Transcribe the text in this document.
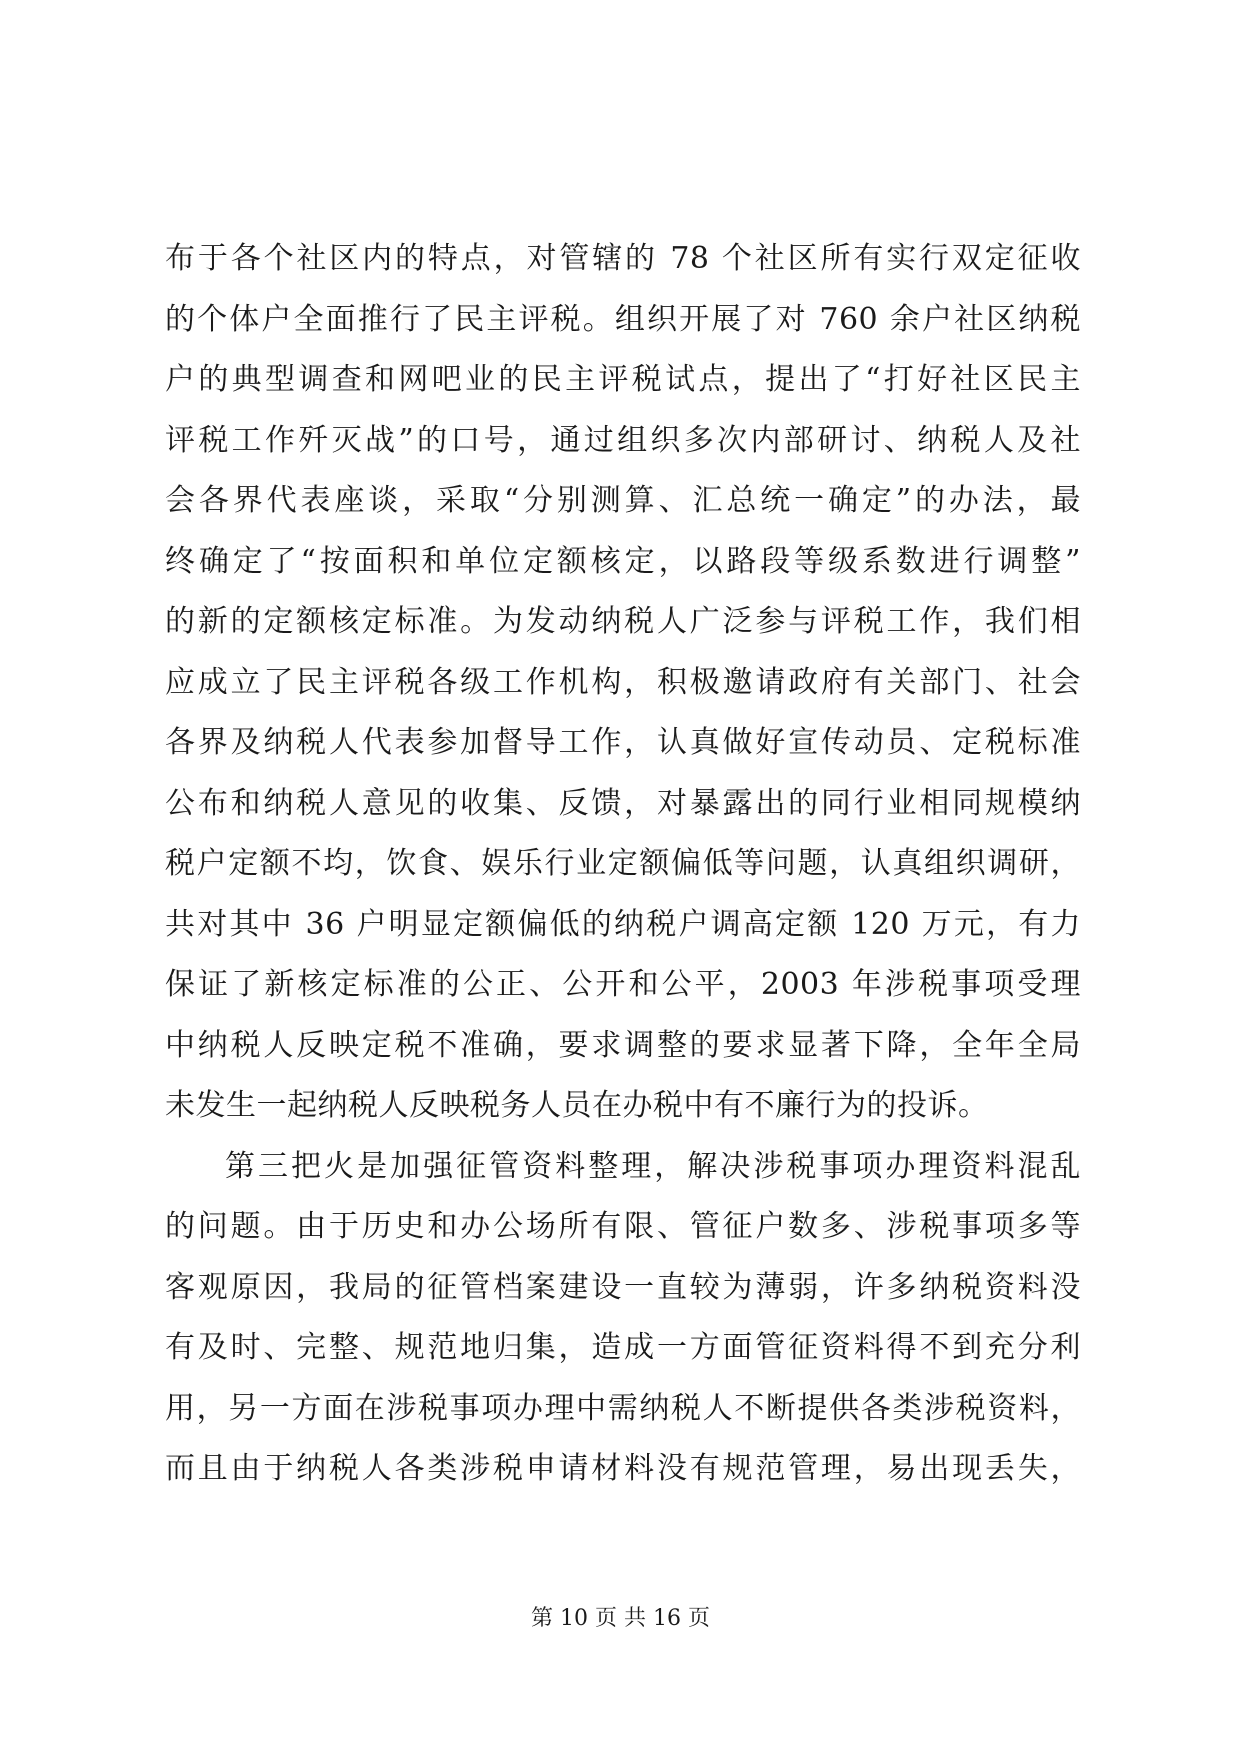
布于各个社区内的特点，对管辖的 78 个社区所有实行双定征收
的个体户全面推行了民主评税。组织开展了对 760 余户社区纳税
户的典型调查和网吧业的民主评税试点，提出了“打好社区民主
评税工作歼灭战”的口号，通过组织多次内部研讨、纳税人及社
会各界代表座谈，采取“分别测算、汇总统一确定”的办法，最
终确定了“按面积和单位定额核定，以路段等级系数进行调整”
的新的定额核定标准。为发动纳税人广泛参与评税工作，我们相
应成立了民主评税各级工作机构，积极邀请政府有关部门、社会
各界及纳税人代表参加督导工作，认真做好宣传动员、定税标准
公布和纳税人意见的收集、反馈，对暴露出的同行业相同规模纳
税户定额不均，饮食、娱乐行业定额偏低等问题，认真组织调研，
共对其中 36 户明显定额偏低的纳税户调高定额 120 万元，有力
保证了新核定标准的公正、公开和公平，2003 年涉税事项受理
中纳税人反映定税不准确，要求调整的要求显著下降，全年全局
未发生一起纳税人反映税务人员在办税中有不廉行为的投诉。
第三把火是加强征管资料整理，解决涉税事项办理资料混乱
的问题。由于历史和办公场所有限、管征户数多、涉税事项多等
客观原因，我局的征管档案建设一直较为薄弱，许多纳税资料没
有及时、完整、规范地归集，造成一方面管征资料得不到充分利
用，另一方面在涉税事项办理中需纳税人不断提供各类涉税资料，
而且由于纳税人各类涉税申请材料没有规范管理，易出现丢失，
第 10 页 共 16 页
